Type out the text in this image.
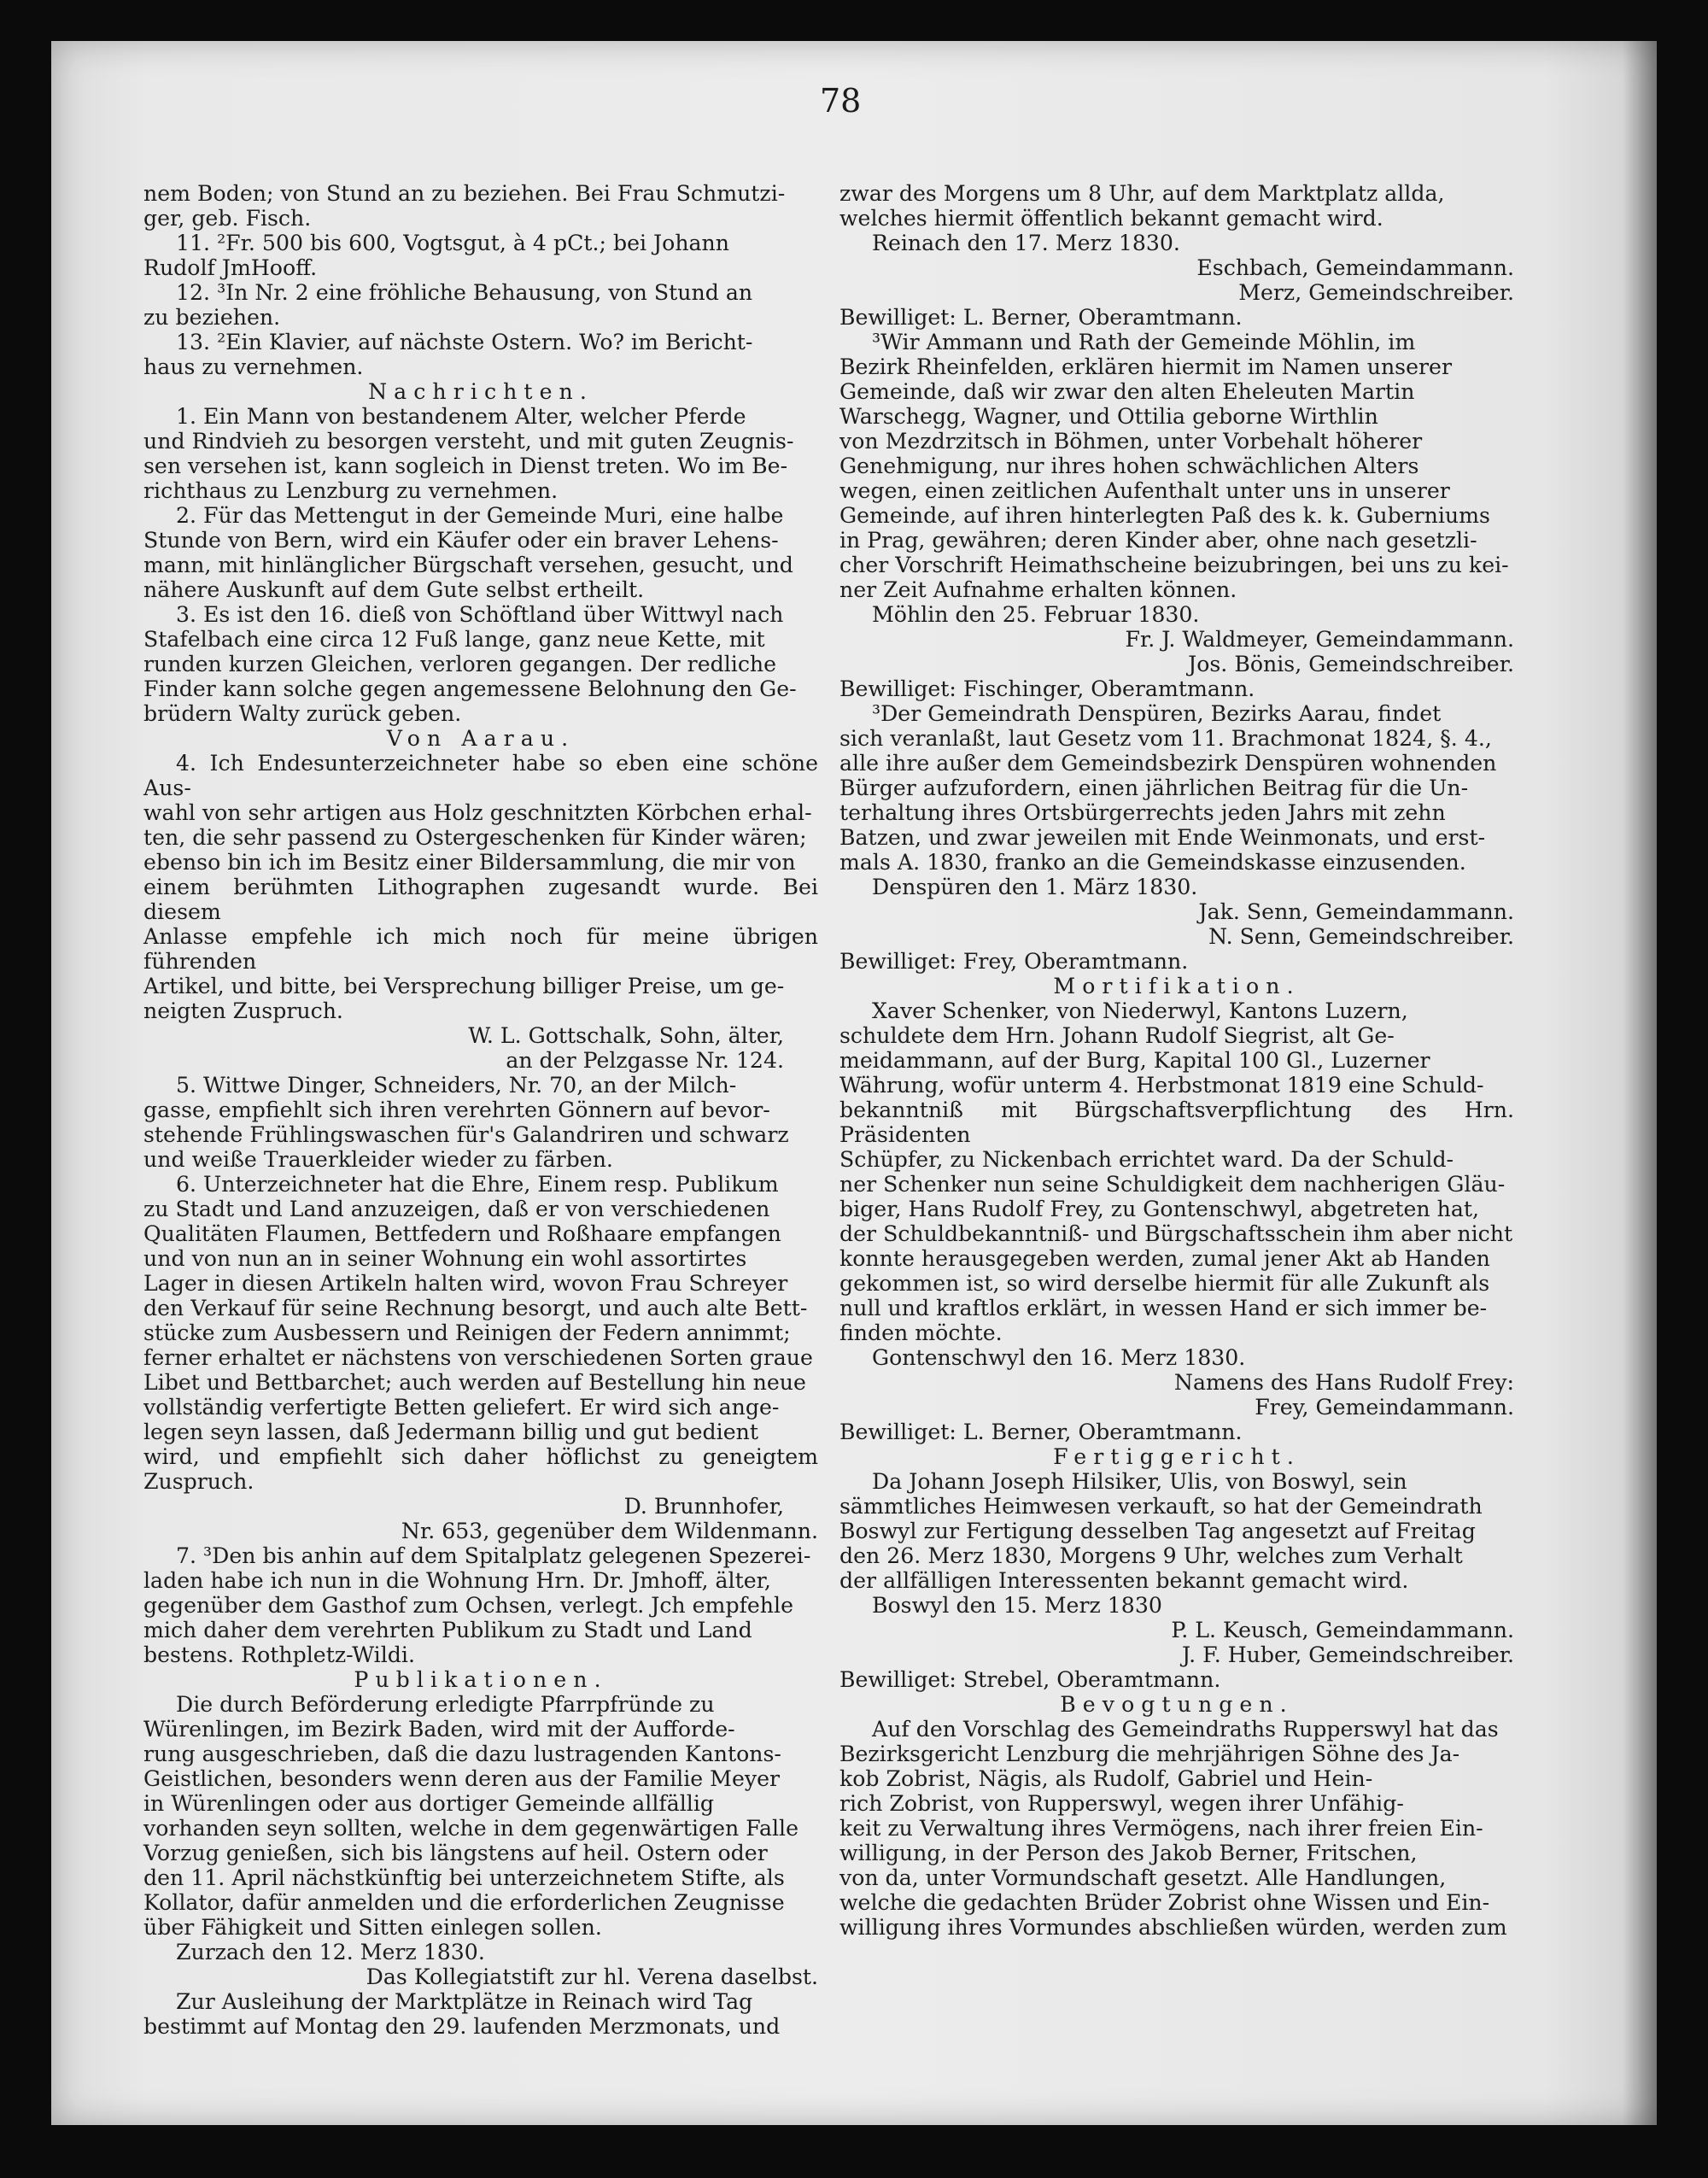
78

nem Boden; von Stund an zu beziehen. Bei Frau Schmutzi-

ger, geb. Fisch.

11. ²Fr. 500 bis 600, Vogtsgut, à 4 pCt.; bei Johann

Rudolf JmHooff.

12. ³In Nr. 2 eine fröhliche Behausung, von Stund an

zu beziehen.

13. ²Ein Klavier, auf nächste Ostern. Wo? im Bericht-

haus zu vernehmen.

Nachrichten.

1. Ein Mann von bestandenem Alter, welcher Pferde

und Rindvieh zu besorgen versteht, und mit guten Zeugnis-

sen versehen ist, kann sogleich in Dienst treten. Wo im Be-

richthaus zu Lenzburg zu vernehmen.

2. Für das Mettengut in der Gemeinde Muri, eine halbe

Stunde von Bern, wird ein Käufer oder ein braver Lehens-

mann, mit hinlänglicher Bürgschaft versehen, gesucht, und

nähere Auskunft auf dem Gute selbst ertheilt.

3. Es ist den 16. dieß von Schöftland über Wittwyl nach

Stafelbach eine circa 12 Fuß lange, ganz neue Kette, mit

runden kurzen Gleichen, verloren gegangen. Der redliche

Finder kann solche gegen angemessene Belohnung den Ge-

brüdern Walty zurück geben.

Von Aarau.

4. Ich Endesunterzeichneter habe so eben eine schöne Aus-

wahl von sehr artigen aus Holz geschnitzten Körbchen erhal-

ten, die sehr passend zu Ostergeschenken für Kinder wären;

ebenso bin ich im Besitz einer Bildersammlung, die mir von

einem berühmten Lithographen zugesandt wurde. Bei diesem

Anlasse empfehle ich mich noch für meine übrigen führenden

Artikel, und bitte, bei Versprechung billiger Preise, um ge-

neigten Zuspruch.

W. L. Gottschalk, Sohn, älter,

an der Pelzgasse Nr. 124.

5. Wittwe Dinger, Schneiders, Nr. 70, an der Milch-

gasse, empfiehlt sich ihren verehrten Gönnern auf bevor-

stehende Frühlingswaschen für's Galandriren und schwarz

und weiße Trauerkleider wieder zu färben.

6. Unterzeichneter hat die Ehre, Einem resp. Publikum

zu Stadt und Land anzuzeigen, daß er von verschiedenen

Qualitäten Flaumen, Bettfedern und Roßhaare empfangen

und von nun an in seiner Wohnung ein wohl assortirtes

Lager in diesen Artikeln halten wird, wovon Frau Schreyer

den Verkauf für seine Rechnung besorgt, und auch alte Bett-

stücke zum Ausbessern und Reinigen der Federn annimmt;

ferner erhaltet er nächstens von verschiedenen Sorten graue

Libet und Bettbarchet; auch werden auf Bestellung hin neue

vollständig verfertigte Betten geliefert. Er wird sich ange-

legen seyn lassen, daß Jedermann billig und gut bedient

wird, und empfiehlt sich daher höflichst zu geneigtem Zuspruch.

D. Brunnhofer,

Nr. 653, gegenüber dem Wildenmann.

7. ³Den bis anhin auf dem Spitalplatz gelegenen Spezerei-

laden habe ich nun in die Wohnung Hrn. Dr. Jmhoff, älter,

gegenüber dem Gasthof zum Ochsen, verlegt. Jch empfehle

mich daher dem verehrten Publikum zu Stadt und Land

bestens. Rothpletz-Wildi.

Publikationen.

Die durch Beförderung erledigte Pfarrpfründe zu

Würenlingen, im Bezirk Baden, wird mit der Aufforde-

rung ausgeschrieben, daß die dazu lustragenden Kantons-

Geistlichen, besonders wenn deren aus der Familie Meyer

in Würenlingen oder aus dortiger Gemeinde allfällig

vorhanden seyn sollten, welche in dem gegenwärtigen Falle

Vorzug genießen, sich bis längstens auf heil. Ostern oder

den 11. April nächstkünftig bei unterzeichnetem Stifte, als

Kollator, dafür anmelden und die erforderlichen Zeugnisse

über Fähigkeit und Sitten einlegen sollen.

Zurzach den 12. Merz 1830.

Das Kollegiatstift zur hl. Verena daselbst.

Zur Ausleihung der Marktplätze in Reinach wird Tag

bestimmt auf Montag den 29. laufenden Merzmonats, und

zwar des Morgens um 8 Uhr, auf dem Marktplatz allda,

welches hiermit öffentlich bekannt gemacht wird.

Reinach den 17. Merz 1830.

Eschbach, Gemeindammann.

Merz, Gemeindschreiber.

Bewilliget: L. Berner, Oberamtmann.

³Wir Ammann und Rath der Gemeinde Möhlin, im

Bezirk Rheinfelden, erklären hiermit im Namen unserer

Gemeinde, daß wir zwar den alten Eheleuten Martin

Warschegg, Wagner, und Ottilia geborne Wirthlin

von Mezdrzitsch in Böhmen, unter Vorbehalt höherer

Genehmigung, nur ihres hohen schwächlichen Alters

wegen, einen zeitlichen Aufenthalt unter uns in unserer

Gemeinde, auf ihren hinterlegten Paß des k. k. Guberniums

in Prag, gewähren; deren Kinder aber, ohne nach gesetzli-

cher Vorschrift Heimathscheine beizubringen, bei uns zu kei-

ner Zeit Aufnahme erhalten können.

Möhlin den 25. Februar 1830.

Fr. J. Waldmeyer, Gemeindammann.

Jos. Bönis, Gemeindschreiber.

Bewilliget: Fischinger, Oberamtmann.

³Der Gemeindrath Denspüren, Bezirks Aarau, findet

sich veranlaßt, laut Gesetz vom 11. Brachmonat 1824, §. 4.,

alle ihre außer dem Gemeindsbezirk Denspüren wohnenden

Bürger aufzufordern, einen jährlichen Beitrag für die Un-

terhaltung ihres Ortsbürgerrechts jeden Jahrs mit zehn

Batzen, und zwar jeweilen mit Ende Weinmonats, und erst-

mals A. 1830, franko an die Gemeindskasse einzusenden.

Denspüren den 1. März 1830.

Jak. Senn, Gemeindammann.

N. Senn, Gemeindschreiber.

Bewilliget: Frey, Oberamtmann.

Mortifikation.

Xaver Schenker, von Niederwyl, Kantons Luzern,

schuldete dem Hrn. Johann Rudolf Siegrist, alt Ge-

meidammann, auf der Burg, Kapital 100 Gl., Luzerner

Währung, wofür unterm 4. Herbstmonat 1819 eine Schuld-

bekanntniß mit Bürgschaftsverpflichtung des Hrn. Präsidenten

Schüpfer, zu Nickenbach errichtet ward. Da der Schuld-

ner Schenker nun seine Schuldigkeit dem nachherigen Gläu-

biger, Hans Rudolf Frey, zu Gontenschwyl, abgetreten hat,

der Schuldbekanntniß- und Bürgschaftsschein ihm aber nicht

konnte herausgegeben werden, zumal jener Akt ab Handen

gekommen ist, so wird derselbe hiermit für alle Zukunft als

null und kraftlos erklärt, in wessen Hand er sich immer be-

finden möchte.

Gontenschwyl den 16. Merz 1830.

Namens des Hans Rudolf Frey:

Frey, Gemeindammann.

Bewilliget: L. Berner, Oberamtmann.

Fertiggericht.

Da Johann Joseph Hilsiker, Ulis, von Boswyl, sein

sämmtliches Heimwesen verkauft, so hat der Gemeindrath

Boswyl zur Fertigung desselben Tag angesetzt auf Freitag

den 26. Merz 1830, Morgens 9 Uhr, welches zum Verhalt

der allfälligen Interessenten bekannt gemacht wird.

Boswyl den 15. Merz 1830

P. L. Keusch, Gemeindammann.

J. F. Huber, Gemeindschreiber.

Bewilliget: Strebel, Oberamtmann.

Bevogtungen.

Auf den Vorschlag des Gemeindraths Rupperswyl hat das

Bezirksgericht Lenzburg die mehrjährigen Söhne des Ja-

kob Zobrist, Nägis, als Rudolf, Gabriel und Hein-

rich Zobrist, von Rupperswyl, wegen ihrer Unfähig-

keit zu Verwaltung ihres Vermögens, nach ihrer freien Ein-

willigung, in der Person des Jakob Berner, Fritschen,

von da, unter Vormundschaft gesetzt. Alle Handlungen,

welche die gedachten Brüder Zobrist ohne Wissen und Ein-

willigung ihres Vormundes abschließen würden, werden zum
